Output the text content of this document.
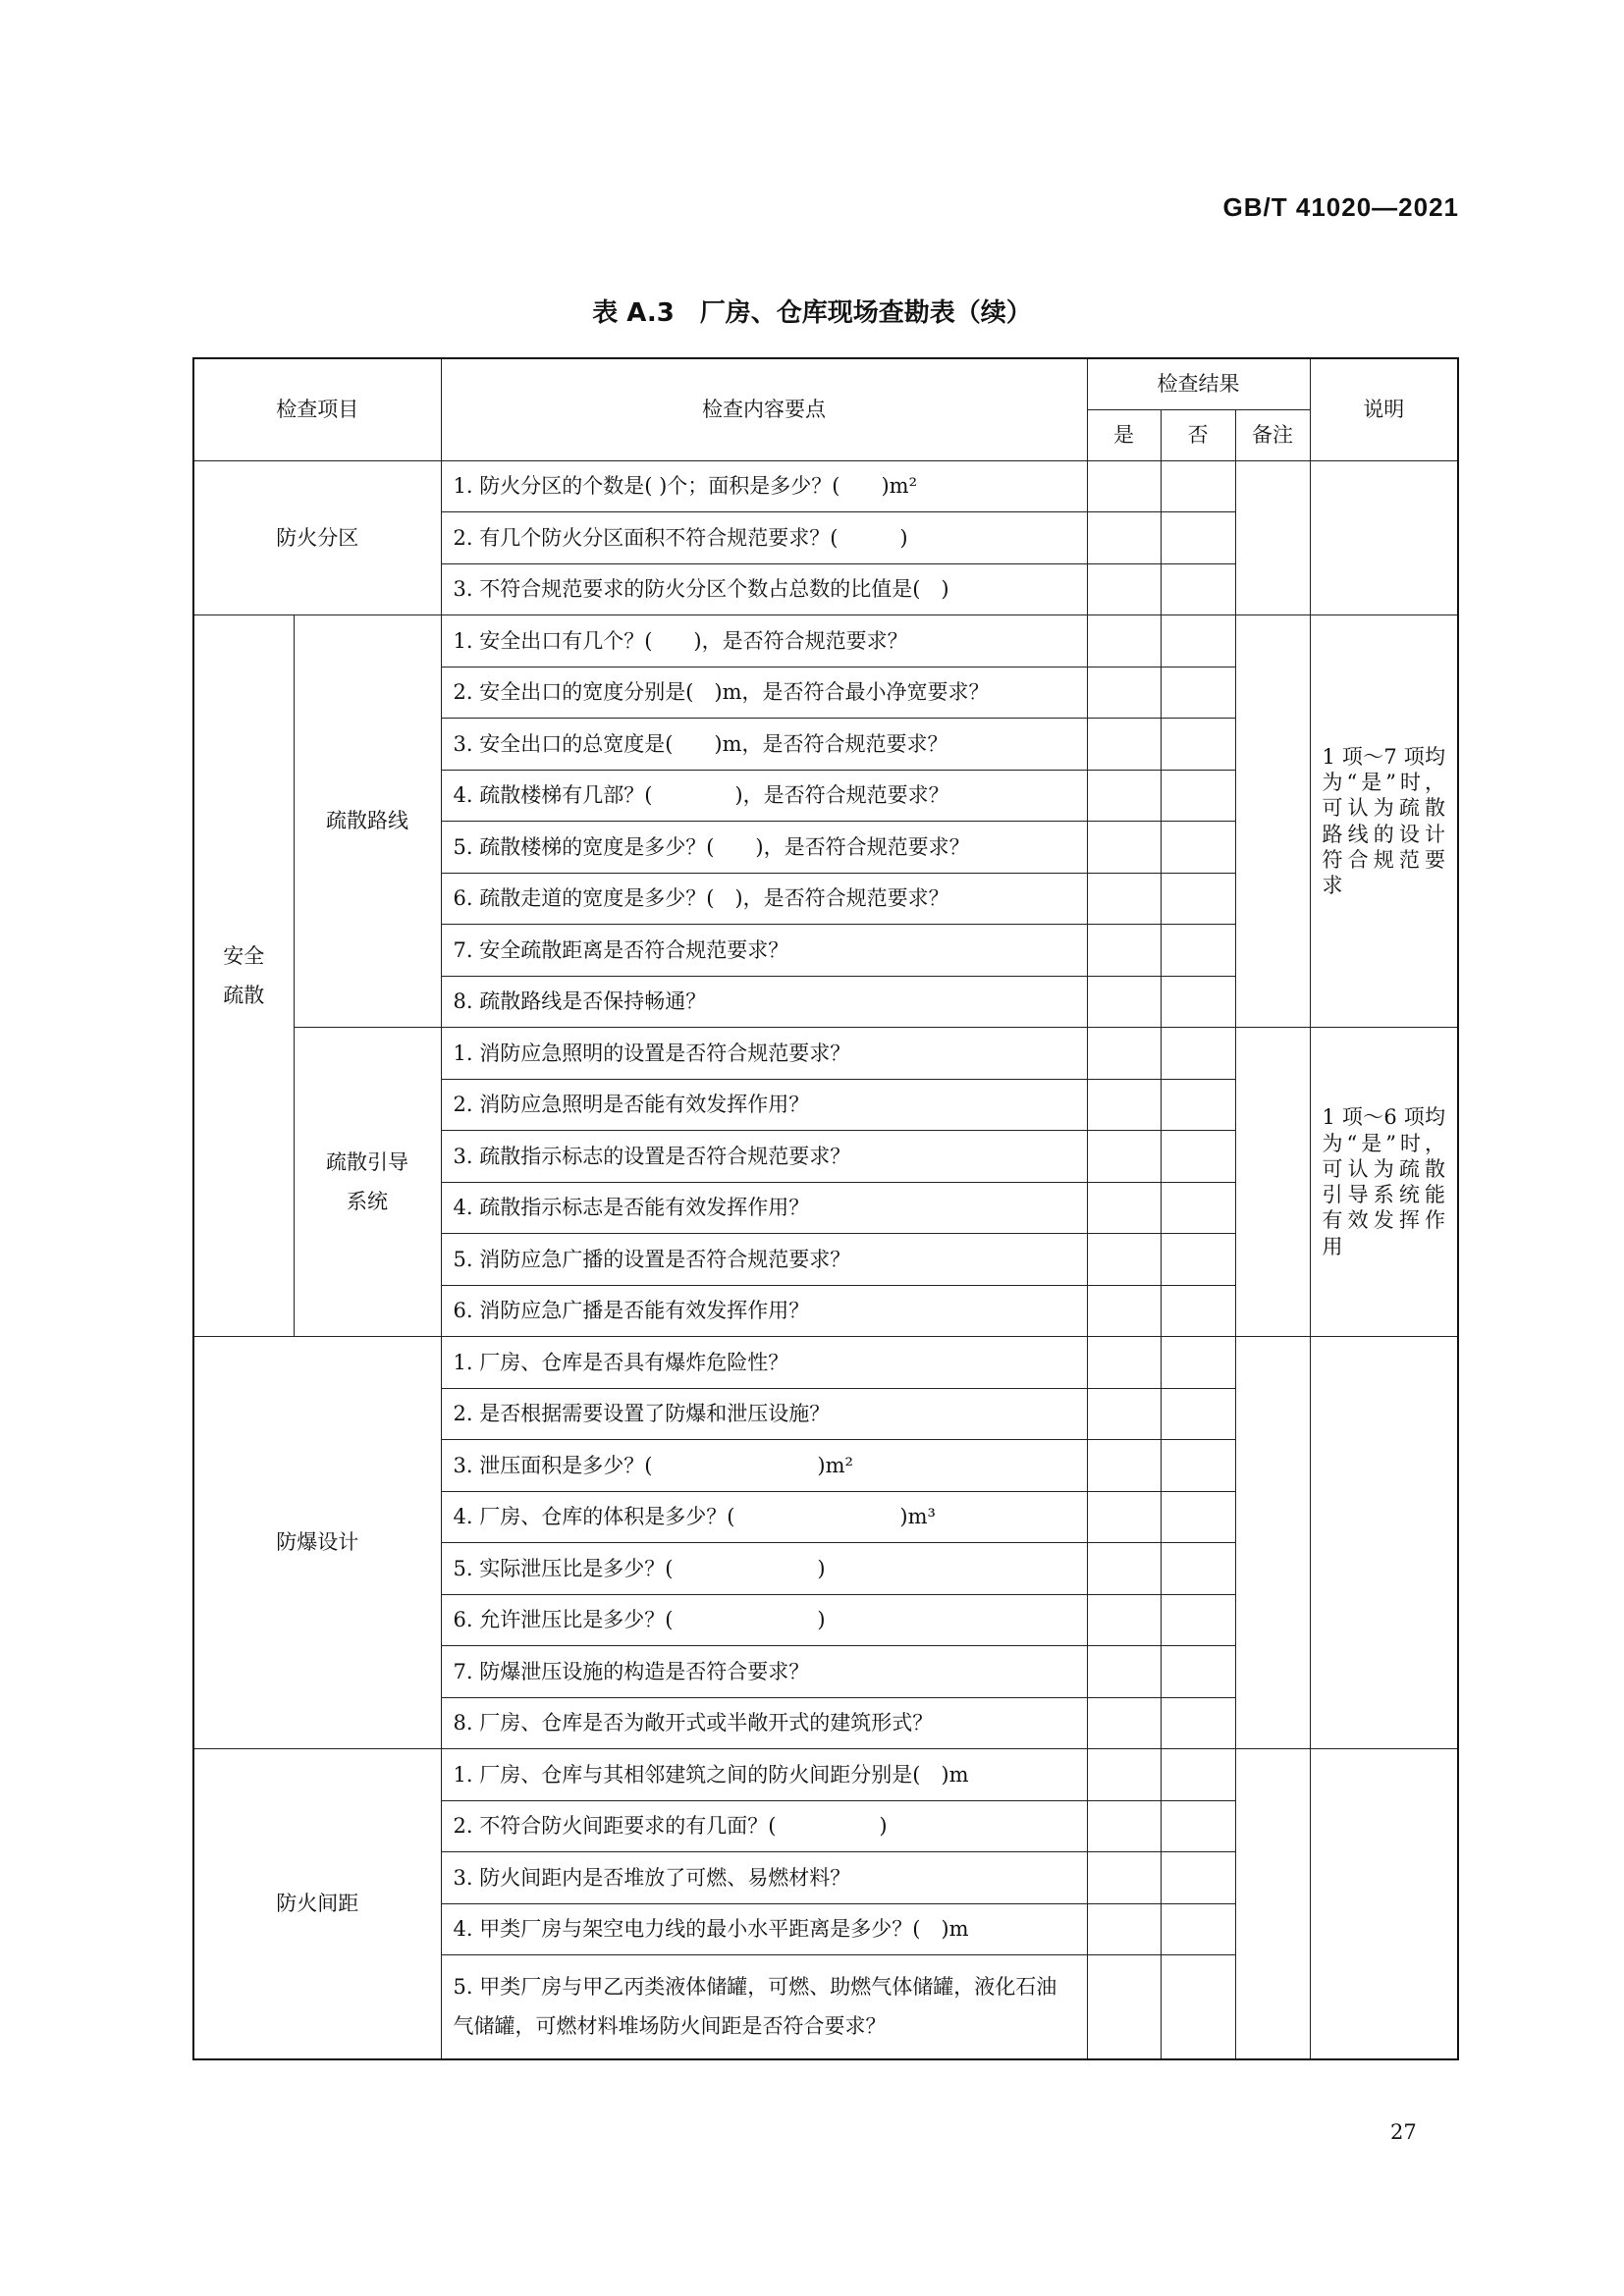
GB/T 41020—2021
表 A.3　厂房、仓库现场查勘表（续）
检查项目		检查内容要点	检查结果			说明
			是	否	备注	
防火分区		1. 防火分区的个数是( )个；面积是多少？(　　)m²				
		2. 有几个防火分区面积不符合规范要求？(　　　)				
		3. 不符合规范要求的防火分区个数占总数的比值是(　)				
安全疏散	疏散路线	1. 安全出口有几个？(　　)，是否符合规范要求？				1 项～7 项均为“是”时，可认为疏散路线的设计符合规范要求
		2. 安全出口的宽度分别是(　)m，是否符合最小净宽要求？				
		3. 安全出口的总宽度是(　　)m，是否符合规范要求？				
		4. 疏散楼梯有几部？(　　　　)，是否符合规范要求？				
		5. 疏散楼梯的宽度是多少？(　　)，是否符合规范要求？				
		6. 疏散走道的宽度是多少？(　)，是否符合规范要求？				
		7. 安全疏散距离是否符合规范要求？				
		8. 疏散路线是否保持畅通？				
	疏散引导系统	1. 消防应急照明的设置是否符合规范要求？				1 项～6 项均为“是”时，可认为疏散引导系统能有效发挥作用
		2. 消防应急照明是否能有效发挥作用？				
		3. 疏散指示标志的设置是否符合规范要求？				
		4. 疏散指示标志是否能有效发挥作用？				
		5. 消防应急广播的设置是否符合规范要求？				
		6. 消防应急广播是否能有效发挥作用？				
防爆设计		1. 厂房、仓库是否具有爆炸危险性？				
		2. 是否根据需要设置了防爆和泄压设施？				
		3. 泄压面积是多少？(　　　　　　　　)m²				
		4. 厂房、仓库的体积是多少？(　　　　　　　　)m³				
		5. 实际泄压比是多少？(　　　　　　　)				
		6. 允许泄压比是多少？(　　　　　　　)				
		7. 防爆泄压设施的构造是否符合要求？				
		8. 厂房、仓库是否为敞开式或半敞开式的建筑形式？				
防火间距		1. 厂房、仓库与其相邻建筑之间的防火间距分别是(　)m				
		2. 不符合防火间距要求的有几面？(　　　　　)				
		3. 防火间距内是否堆放了可燃、易燃材料？				
		4. 甲类厂房与架空电力线的最小水平距离是多少？(　)m				
		5. 甲类厂房与甲乙丙类液体储罐，可燃、助燃气体储罐，液化石油气储罐，可燃材料堆场防火间距是否符合要求？				
27
